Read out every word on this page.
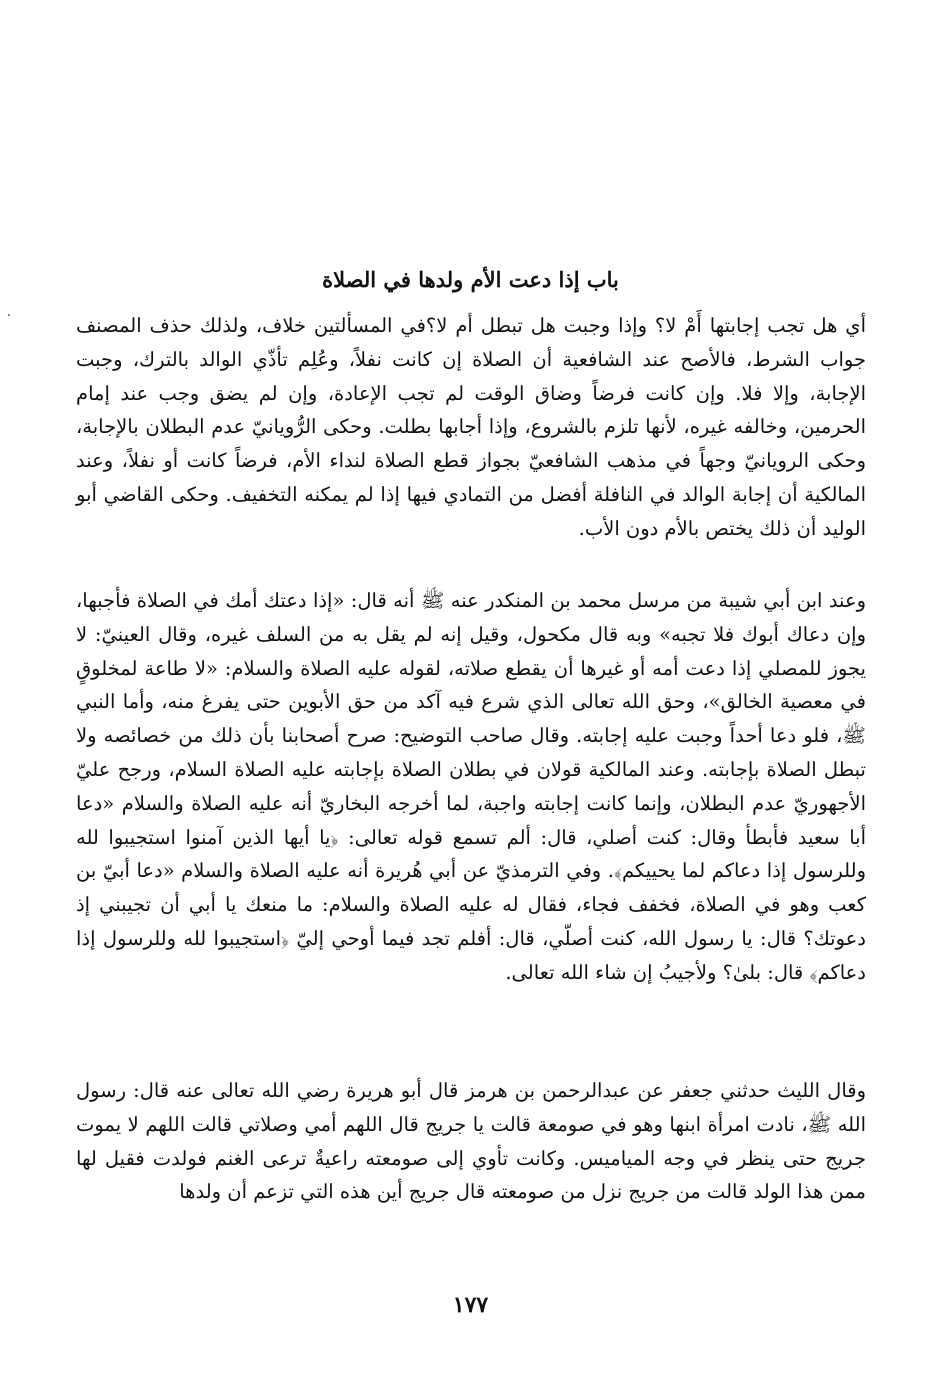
باب إذا دعت الأم ولدها في الصلاة

أي هل تجب إجابتها أَمْ لا؟ وإذا وجبت هل تبطل أم لا؟في المسألتين خلاف، ولذلك حذف المصنف جواب الشرط، فالأصح عند الشافعية أن الصلاة إن كانت نفلاً، وعُلِم تأذّي الوالد بالترك، وجبت الإجابة، وإلا فلا. وإن كانت فرضاً وضاق الوقت لم تجب الإعادة، وإن لم يضق وجب عند إمام الحرمين، وخالفه غيره، لأنها تلزم بالشروع، وإذا أجابها بطلت. وحكى الرُّويانيّ عدم البطلان بالإجابة، وحكى الرويانيّ وجهاً في مذهب الشافعيّ بجواز قطع الصلاة لنداء الأم، فرضاً كانت أو نفلاً، وعند المالكية أن إجابة الوالد في النافلة أفضل من التمادي فيها إذا لم يمكنه التخفيف. وحكى القاضي أبو الوليد أن ذلك يختص بالأم دون الأب.

وعند ابن أبي شيبة من مرسل محمد بن المنكدر عنه ﷺ أنه قال: «إذا دعتك أمك في الصلاة فأجبها، وإن دعاك أبوك فلا تجبه» وبه قال مكحول، وقيل إنه لم يقل به من السلف غيره، وقال العينيّ: لا يجوز للمصلي إذا دعت أمه أو غيرها أن يقطع صلاته، لقوله عليه الصلاة والسلام: «لا طاعة لمخلوقٍ في معصية الخالق»، وحق الله تعالى الذي شرع فيه آكد من حق الأبوين حتى يفرغ منه، وأما النبي ﷺ، فلو دعا أحداً وجبت عليه إجابته. وقال صاحب التوضيح: صرح أصحابنا بأن ذلك من خصائصه ولا تبطل الصلاة بإجابته. وعند المالكية قولان في بطلان الصلاة بإجابته عليه الصلاة السلام، ورجح عليّ الأجهوريّ عدم البطلان، وإنما كانت إجابته واجبة، لما أخرجه البخاريّ أنه عليه الصلاة والسلام «دعا أبا سعيد فأبطأ وقال: كنت أصلي، قال: ألم تسمع قوله تعالى: ﴿يا أيها الذين آمنوا استجيبوا لله وللرسول إذا دعاكم لما يحييكم﴾. وفي الترمذيّ عن أبي هُريرة أنه عليه الصلاة والسلام «دعا أبيّ بن كعب وهو في الصلاة، فخفف فجاء، فقال له عليه الصلاة والسلام: ما منعك يا أبي أن تجيبني إذ دعوتك؟ قال: يا رسول الله، كنت أصلّي، قال: أفلم تجد فيما أوحي إليّ ﴿استجيبوا لله وللرسول إذا دعاكم﴾ قال: بلىٰ؟ ولأجيبُ إن شاء الله تعالى.

وقال الليث حدثني جعفر عن عبدالرحمن بن هرمز قال أبو هريرة رضي الله تعالى عنه قال: رسول الله ﷺ، نادت امرأة ابنها وهو في صومعة قالت يا جريج قال اللهم أمي وصلاتي قالت اللهم لا يموت جريج حتى ينظر في وجه المياميس. وكانت تأوي إلى صومعته راعيةٌ ترعى الغنم فولدت فقيل لها ممن هذا الولد قالت من جريج نزل من صومعته قال جريج أين هذه التي تزعم أن ولدها

١٧٧
